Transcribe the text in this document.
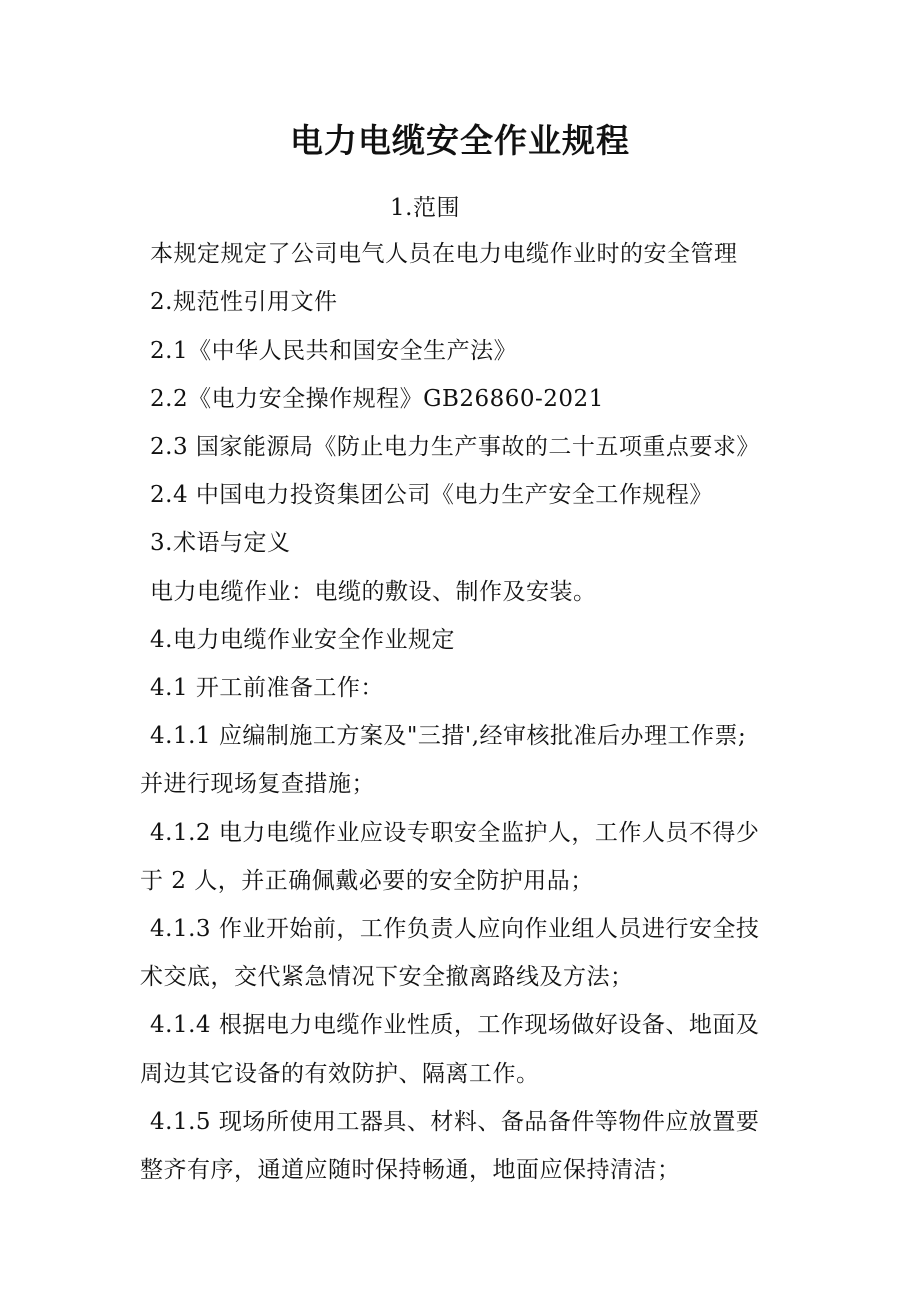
电力电缆安全作业规程
1.范围
本规定规定了公司电气人员在电力电缆作业时的安全管理
2.规范性引用文件
2.1《中华人民共和国安全生产法》
2.2《电力安全操作规程》GB26860-2021
2.3 国家能源局《防止电力生产事故的二十五项重点要求》
2.4 中国电力投资集团公司《电力生产安全工作规程》
3.术语与定义
电力电缆作业：电缆的敷设、制作及安装。
4.电力电缆作业安全作业规定
4.1 开工前准备工作：
4.1.1 应编制施工方案及"三措',经审核批准后办理工作票;
并进行现场复查措施；
4.1.2 电力电缆作业应设专职安全监护人，工作人员不得少
于 2 人，并正确佩戴必要的安全防护用品；
4.1.3 作业开始前，工作负责人应向作业组人员进行安全技
术交底，交代紧急情况下安全撤离路线及方法；
4.1.4 根据电力电缆作业性质，工作现场做好设备、地面及
周边其它设备的有效防护、隔离工作。
4.1.5 现场所使用工器具、材料、备品备件等物件应放置要
整齐有序，通道应随时保持畅通，地面应保持清洁；
